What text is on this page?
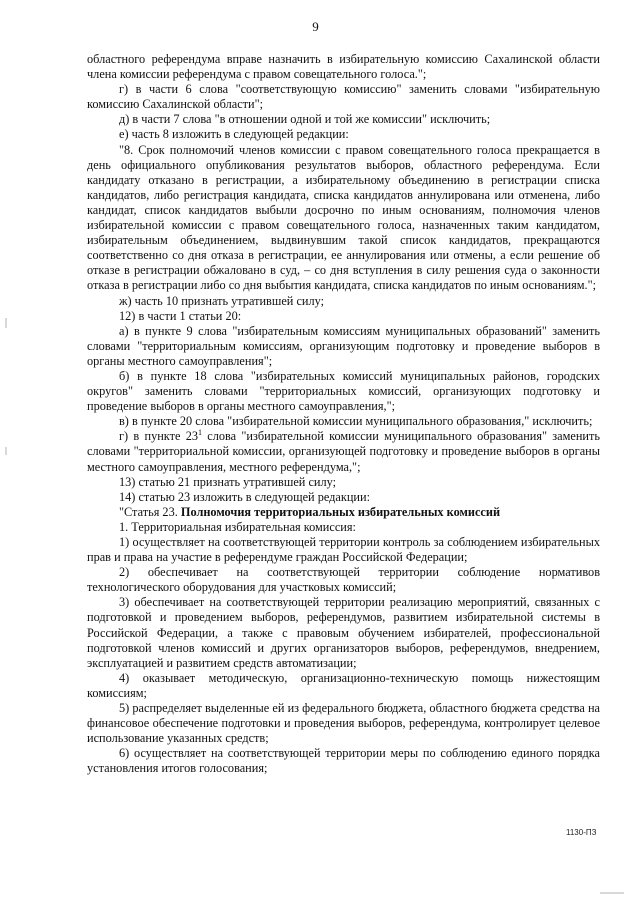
9

областного референдума вправе назначить в избирательную комиссию Сахалинской области члена комиссии референдума с правом совещательного голоса.";

г) в части 6 слова "соответствующую комиссию" заменить словами "избирательную комиссию Сахалинской области";

д) в части 7 слова "в отношении одной и той же комиссии" исключить;

е) часть 8 изложить в следующей редакции:

"8. Срок полномочий членов комиссии с правом совещательного голоса прекращается в день официального опубликования результатов выборов, областного референдума. Если кандидату отказано в регистрации, а избирательному объединению в регистрации списка кандидатов, либо регистрация кандидата, списка кандидатов аннулирована или отменена, либо кандидат, список кандидатов выбыли досрочно по иным основаниям, полномочия членов избирательной комиссии с правом совещательного голоса, назначенных таким кандидатом, избирательным объединением, выдвинувшим такой список кандидатов, прекращаются соответственно со дня отказа в регистрации, ее аннулирования или отмены, а если решение об отказе в регистрации обжаловано в суд, – со дня вступления в силу решения суда о законности отказа в регистрации либо со дня выбытия кандидата, списка кандидатов по иным основаниям.";

ж) часть 10 признать утратившей силу;

12) в части 1 статьи 20:

а) в пункте 9 слова "избирательным комиссиям муниципальных образований" заменить словами "территориальным комиссиям, организующим подготовку и проведение выборов в органы местного самоуправления";

б) в пункте 18 слова "избирательных комиссий муниципальных районов, городских округов" заменить словами "территориальных комиссий, организующих подготовку и проведение выборов в органы местного самоуправления,";

в) в пункте 20 слова "избирательной комиссии муниципального образования," исключить;

г) в пункте $23^1$ слова "избирательной комиссии муниципального образования" заменить словами "территориальной комиссии, организующей подготовку и проведение выборов в органы местного самоуправления, местного референдума,";

13) статью 21 признать утратившей силу;

14) статью 23 изложить в следующей редакции:

"Статья 23. Полномочия территориальных избирательных комиссий

1. Территориальная избирательная комиссия:

1) осуществляет на соответствующей территории контроль за соблюдением избирательных прав и права на участие в референдуме граждан Российской Федерации;

2) обеспечивает на соответствующей территории соблюдение нормативов технологического оборудования для участковых комиссий;

3) обеспечивает на соответствующей территории реализацию мероприятий, связанных с подготовкой и проведением выборов, референдумов, развитием избирательной системы в Российской Федерации, а также с правовым обучением избирателей, профессиональной подготовкой членов комиссий и других организаторов выборов, референдумов, внедрением, эксплуатацией и развитием средств автоматизации;

4) оказывает методическую, организационно-техническую помощь нижестоящим комиссиям;

5) распределяет выделенные ей из федерального бюджета, областного бюджета средства на финансовое обеспечение подготовки и проведения выборов, референдума, контролирует целевое использование указанных средств;

6) осуществляет на соответствующей территории меры по соблюдению единого порядка установления итогов голосования;

1130-ПЗ
